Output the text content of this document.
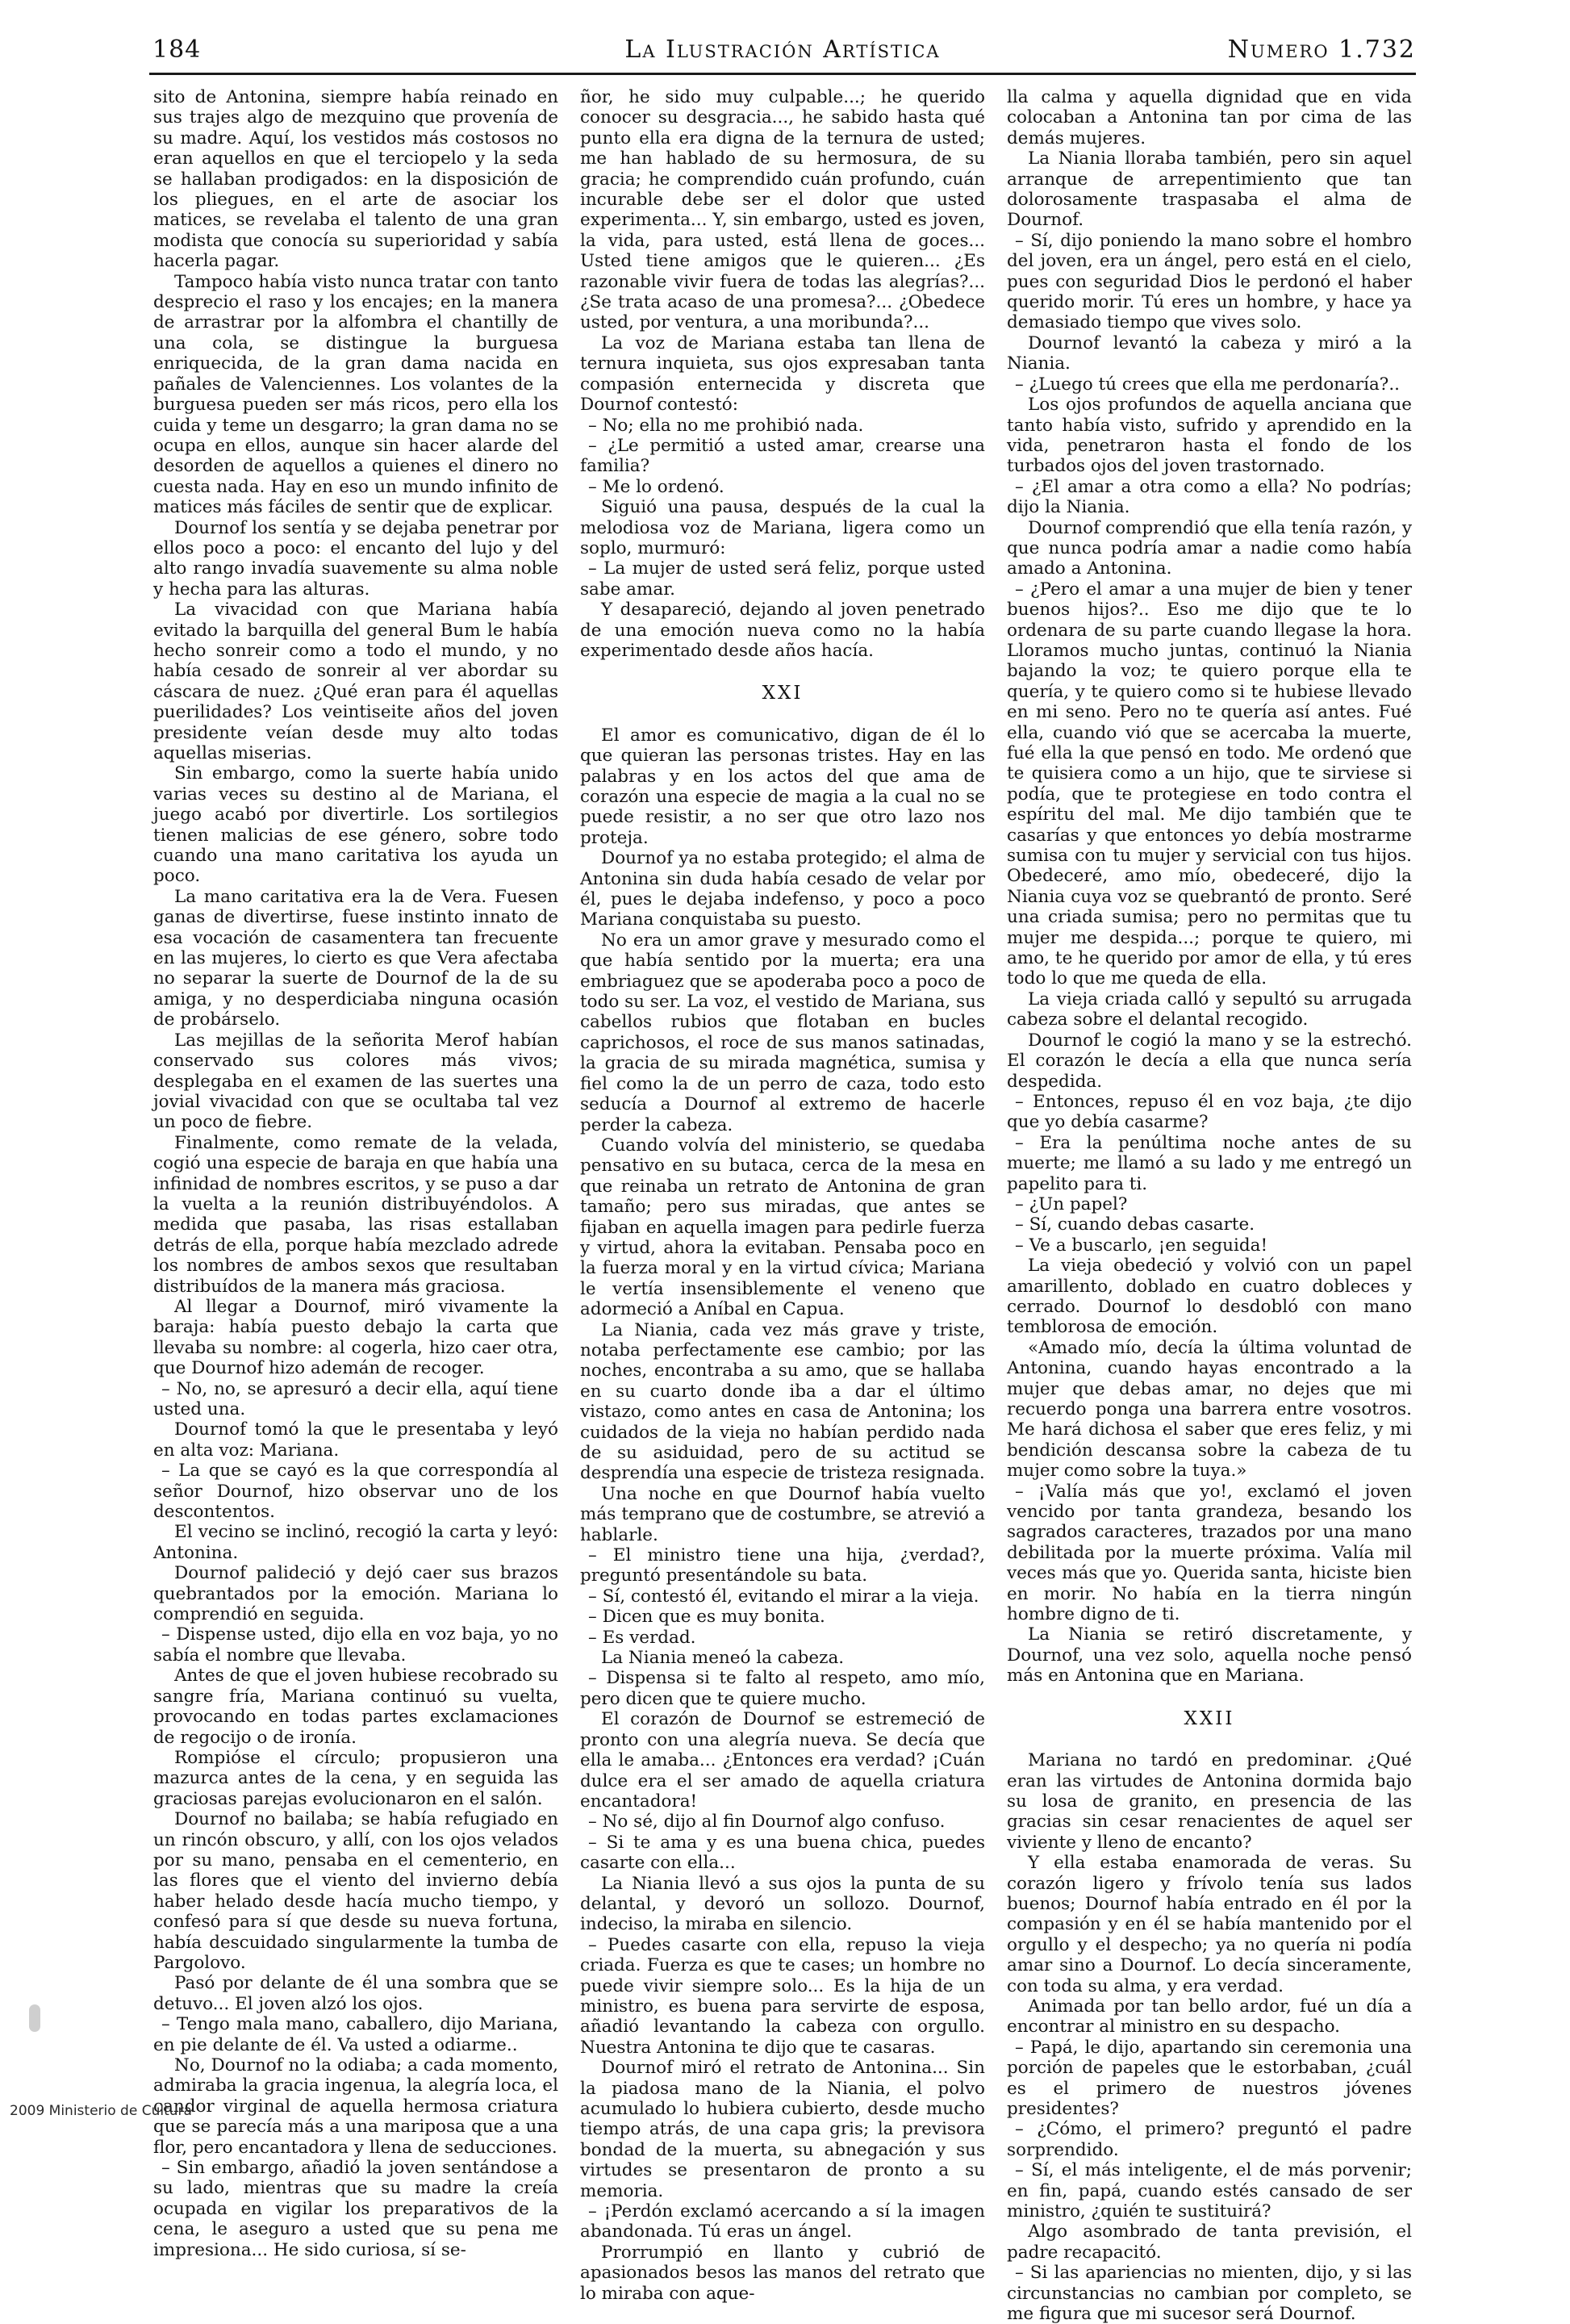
184	La Ilustración Artística	Numero 1.732

sito de Antonina, siempre había reinado en sus trajes algo de mezquino que provenía de su madre. Aquí, los vestidos más costosos no eran aquellos en que el terciopelo y la seda se hallaban prodigados: en la disposición de los pliegues, en el arte de asociar los matices, se revelaba el talento de una gran modista que conocía su superioridad y sabía hacerla pagar.

Tampoco había visto nunca tratar con tanto desprecio el raso y los encajes; en la manera de arrastrar por la alfombra el chantilly de una cola, se distingue la burguesa enriquecida, de la gran dama nacida en pañales de Valenciennes. Los volantes de la burguesa pueden ser más ricos, pero ella los cuida y teme un desgarro; la gran dama no se ocupa en ellos, aunque sin hacer alarde del desorden de aquellos a quienes el dinero no cuesta nada. Hay en eso un mundo infinito de matices más fáciles de sentir que de explicar.

Dournof los sentía y se dejaba penetrar por ellos poco a poco: el encanto del lujo y del alto rango invadía suavemente su alma noble y hecha para las alturas.

La vivacidad con que Mariana había evitado la barquilla del general Bum le había hecho sonreir como a todo el mundo, y no había cesado de sonreir al ver abordar su cáscara de nuez. ¿Qué eran para él aquellas puerilidades? Los veintiseite años del joven presidente veían desde muy alto todas aquellas miserias.

Sin embargo, como la suerte había unido varias veces su destino al de Mariana, el juego acabó por divertirle. Los sortilegios tienen malicias de ese género, sobre todo cuando una mano caritativa los ayuda un poco.

La mano caritativa era la de Vera. Fuesen ganas de divertirse, fuese instinto innato de esa vocación de casamentera tan frecuente en las mujeres, lo cierto es que Vera afectaba no separar la suerte de Dournof de la de su amiga, y no desperdiciaba ninguna ocasión de probárselo.

Las mejillas de la señorita Merof habían conservado sus colores más vivos; desplegaba en el examen de las suertes una jovial vivacidad con que se ocultaba tal vez un poco de fiebre.

Finalmente, como remate de la velada, cogió una especie de baraja en que había una infinidad de nombres escritos, y se puso a dar la vuelta a la reunión distribuyéndolos. A medida que pasaba, las risas estallaban detrás de ella, porque había mezclado adrede los nombres de ambos sexos que resultaban distribuídos de la manera más graciosa.

Al llegar a Dournof, miró vivamente la baraja: había puesto debajo la carta que llevaba su nombre: al cogerla, hizo caer otra, que Dournof hizo ademán de recoger.

– No, no, se apresuró a decir ella, aquí tiene usted una.

Dournof tomó la que le presentaba y leyó en alta voz: Mariana.

– La que se cayó es la que correspondía al señor Dournof, hizo observar uno de los descontentos.

El vecino se inclinó, recogió la carta y leyó: Antonina.

Dournof palideció y dejó caer sus brazos quebrantados por la emoción. Mariana lo comprendió en seguida.

– Dispense usted, dijo ella en voz baja, yo no sabía el nombre que llevaba.

Antes de que el joven hubiese recobrado su sangre fría, Mariana continuó su vuelta, provocando en todas partes exclamaciones de regocijo o de ironía.

Rompióse el círculo; propusieron una mazurca antes de la cena, y en seguida las graciosas parejas evolucionaron en el salón.

Dournof no bailaba; se había refugiado en un rincón obscuro, y allí, con los ojos velados por su mano, pensaba en el cementerio, en las flores que el viento del invierno debía haber helado desde hacía mucho tiempo, y confesó para sí que desde su nueva fortuna, había descuidado singularmente la tumba de Pargolovo.

Pasó por delante de él una sombra que se detuvo... El joven alzó los ojos.

– Tengo mala mano, caballero, dijo Mariana, en pie delante de él. Va usted a odiarme..

No, Dournof no la odiaba; a cada momento, admiraba la gracia ingenua, la alegría loca, el candor virginal de aquella hermosa criatura que se parecía más a una mariposa que a una flor, pero encantadora y llena de seducciones.

– Sin embargo, añadió la joven sentándose a su lado, mientras que su madre la creía ocupada en vigilar los preparativos de la cena, le aseguro a usted que su pena me impresiona... He sido curiosa, sí se-

ñor, he sido muy culpable...; he querido conocer su desgracia..., he sabido hasta qué punto ella era digna de la ternura de usted; me han hablado de su hermosura, de su gracia; he comprendido cuán profundo, cuán incurable debe ser el dolor que usted experimenta... Y, sin embargo, usted es joven, la vida, para usted, está llena de goces... Usted tiene amigos que le quieren... ¿Es razonable vivir fuera de todas las alegrías?... ¿Se trata acaso de una promesa?... ¿Obedece usted, por ventura, a una moribunda?...

La voz de Mariana estaba tan llena de ternura inquieta, sus ojos expresaban tanta compasión enternecida y discreta que Dournof contestó:

– No; ella no me prohibió nada.

– ¿Le permitió a usted amar, crearse una familia?

– Me lo ordenó.

Siguió una pausa, después de la cual la melodiosa voz de Mariana, ligera como un soplo, murmuró:

– La mujer de usted será feliz, porque usted sabe amar.

Y desapareció, dejando al joven penetrado de una emoción nueva como no la había experimentado desde años hacía.

XXI

El amor es comunicativo, digan de él lo que quieran las personas tristes. Hay en las palabras y en los actos del que ama de corazón una especie de magia a la cual no se puede resistir, a no ser que otro lazo nos proteja.

Dournof ya no estaba protegido; el alma de Antonina sin duda había cesado de velar por él, pues le dejaba indefenso, y poco a poco Mariana conquistaba su puesto.

No era un amor grave y mesurado como el que había sentido por la muerta; era una embriaguez que se apoderaba poco a poco de todo su ser. La voz, el vestido de Mariana, sus cabellos rubios que flotaban en bucles caprichosos, el roce de sus manos satinadas, la gracia de su mirada magnética, sumisa y fiel como la de un perro de caza, todo esto seducía a Dournof al extremo de hacerle perder la cabeza.

Cuando volvía del ministerio, se quedaba pensativo en su butaca, cerca de la mesa en que reinaba un retrato de Antonina de gran tamaño; pero sus miradas, que antes se fijaban en aquella imagen para pedirle fuerza y virtud, ahora la evitaban. Pensaba poco en la fuerza moral y en la virtud cívica; Mariana le vertía insensiblemente el veneno que adormeció a Aníbal en Capua.

La Niania, cada vez más grave y triste, notaba perfectamente ese cambio; por las noches, encontraba a su amo, que se hallaba en su cuarto donde iba a dar el último vistazo, como antes en casa de Antonina; los cuidados de la vieja no habían perdido nada de su asiduidad, pero de su actitud se desprendía una especie de tristeza resignada.

Una noche en que Dournof había vuelto más temprano que de costumbre, se atrevió a hablarle.

– El ministro tiene una hija, ¿verdad?, preguntó presentándole su bata.

– Sí, contestó él, evitando el mirar a la vieja.

– Dicen que es muy bonita.

– Es verdad.

La Niania meneó la cabeza.

– Dispensa si te falto al respeto, amo mío, pero dicen que te quiere mucho.

El corazón de Dournof se estremeció de pronto con una alegría nueva. Se decía que ella le amaba... ¿Entonces era verdad? ¡Cuán dulce era el ser amado de aquella criatura encantadora!

– No sé, dijo al fin Dournof algo confuso.

– Si te ama y es una buena chica, puedes casarte con ella...

La Niania llevó a sus ojos la punta de su delantal, y devoró un sollozo. Dournof, indeciso, la miraba en silencio.

– Puedes casarte con ella, repuso la vieja criada. Fuerza es que te cases; un hombre no puede vivir siempre solo... Es la hija de un ministro, es buena para servirte de esposa, añadió levantando la cabeza con orgullo. Nuestra Antonina te dijo que te casaras.

Dournof miró el retrato de Antonina... Sin la piadosa mano de la Niania, el polvo acumulado lo hubiera cubierto, desde mucho tiempo atrás, de una capa gris; la previsora bondad de la muerta, su abnegación y sus virtudes se presentaron de pronto a su memoria.

– ¡Perdón exclamó acercando a sí la imagen abandonada. Tú eras un ángel.

Prorrumpió en llanto y cubrió de apasionados besos las manos del retrato que lo miraba con aque-

lla calma y aquella dignidad que en vida colocaban a Antonina tan por cima de las demás mujeres.

La Niania lloraba también, pero sin aquel arranque de arrepentimiento que tan dolorosamente traspasaba el alma de Dournof.

– Sí, dijo poniendo la mano sobre el hombro del joven, era un ángel, pero está en el cielo, pues con seguridad Dios le perdonó el haber querido morir. Tú eres un hombre, y hace ya demasiado tiempo que vives solo.

Dournof levantó la cabeza y miró a la Niania.

– ¿Luego tú crees que ella me perdonaría?..

Los ojos profundos de aquella anciana que tanto había visto, sufrido y aprendido en la vida, penetraron hasta el fondo de los turbados ojos del joven trastornado.

– ¿El amar a otra como a ella? No podrías; dijo la Niania.

Dournof comprendió que ella tenía razón, y que nunca podría amar a nadie como había amado a Antonina.

– ¿Pero el amar a una mujer de bien y tener buenos hijos?.. Eso me dijo que te lo ordenara de su parte cuando llegase la hora. Lloramos mucho juntas, continuó la Niania bajando la voz; te quiero porque ella te quería, y te quiero como si te hubiese llevado en mi seno. Pero no te quería así antes. Fué ella, cuando vió que se acercaba la muerte, fué ella la que pensó en todo. Me ordenó que te quisiera como a un hijo, que te sirviese si podía, que te protegiese en todo contra el espíritu del mal. Me dijo también que te casarías y que entonces yo debía mostrarme sumisa con tu mujer y servicial con tus hijos. Obedeceré, amo mío, obedeceré, dijo la Niania cuya voz se quebrantó de pronto. Seré una criada sumisa; pero no permitas que tu mujer me despida...; porque te quiero, mi amo, te he querido por amor de ella, y tú eres todo lo que me queda de ella.

La vieja criada calló y sepultó su arrugada cabeza sobre el delantal recogido.

Dournof le cogió la mano y se la estrechó. El corazón le decía a ella que nunca sería despedida.

– Entonces, repuso él en voz baja, ¿te dijo que yo debía casarme?

– Era la penúltima noche antes de su muerte; me llamó a su lado y me entregó un papelito para ti.

– ¿Un papel?

– Sí, cuando debas casarte.

– Ve a buscarlo, ¡en seguida!

La vieja obedeció y volvió con un papel amarillento, doblado en cuatro dobleces y cerrado. Dournof lo desdobló con mano temblorosa de emoción.

«Amado mío, decía la última voluntad de Antonina, cuando hayas encontrado a la mujer que debas amar, no dejes que mi recuerdo ponga una barrera entre vosotros. Me hará dichosa el saber que eres feliz, y mi bendición descansa sobre la cabeza de tu mujer como sobre la tuya.»

– ¡Valía más que yo!, exclamó el joven vencido por tanta grandeza, besando los sagrados caracteres, trazados por una mano debilitada por la muerte próxima. Valía mil veces más que yo. Querida santa, hiciste bien en morir. No había en la tierra ningún hombre digno de ti.

La Niania se retiró discretamente, y Dournof, una vez solo, aquella noche pensó más en Antonina que en Mariana.

XXII

Mariana no tardó en predominar. ¿Qué eran las virtudes de Antonina dormida bajo su losa de granito, en presencia de las gracias sin cesar renacientes de aquel ser viviente y lleno de encanto?

Y ella estaba enamorada de veras. Su corazón ligero y frívolo tenía sus lados buenos; Dournof había entrado en él por la compasión y en él se había mantenido por el orgullo y el despecho; ya no quería ni podía amar sino a Dournof. Lo decía sinceramente, con toda su alma, y era verdad.

Animada por tan bello ardor, fué un día a encontrar al ministro en su despacho.

– Papá, le dijo, apartando sin ceremonia una porción de papeles que le estorbaban, ¿cuál es el primero de nuestros jóvenes presidentes?

– ¿Cómo, el primero? preguntó el padre sorprendido.

– Sí, el más inteligente, el de más porvenir; en fin, papá, cuando estés cansado de ser ministro, ¿quién te sustituirá?

Algo asombrado de tanta previsión, el padre recapacitó.

– Si las apariencias no mienten, dijo, y si las circunstancias no cambian por completo, se me figura que mi sucesor será Dournof.

2009 Ministerio de Cultura
